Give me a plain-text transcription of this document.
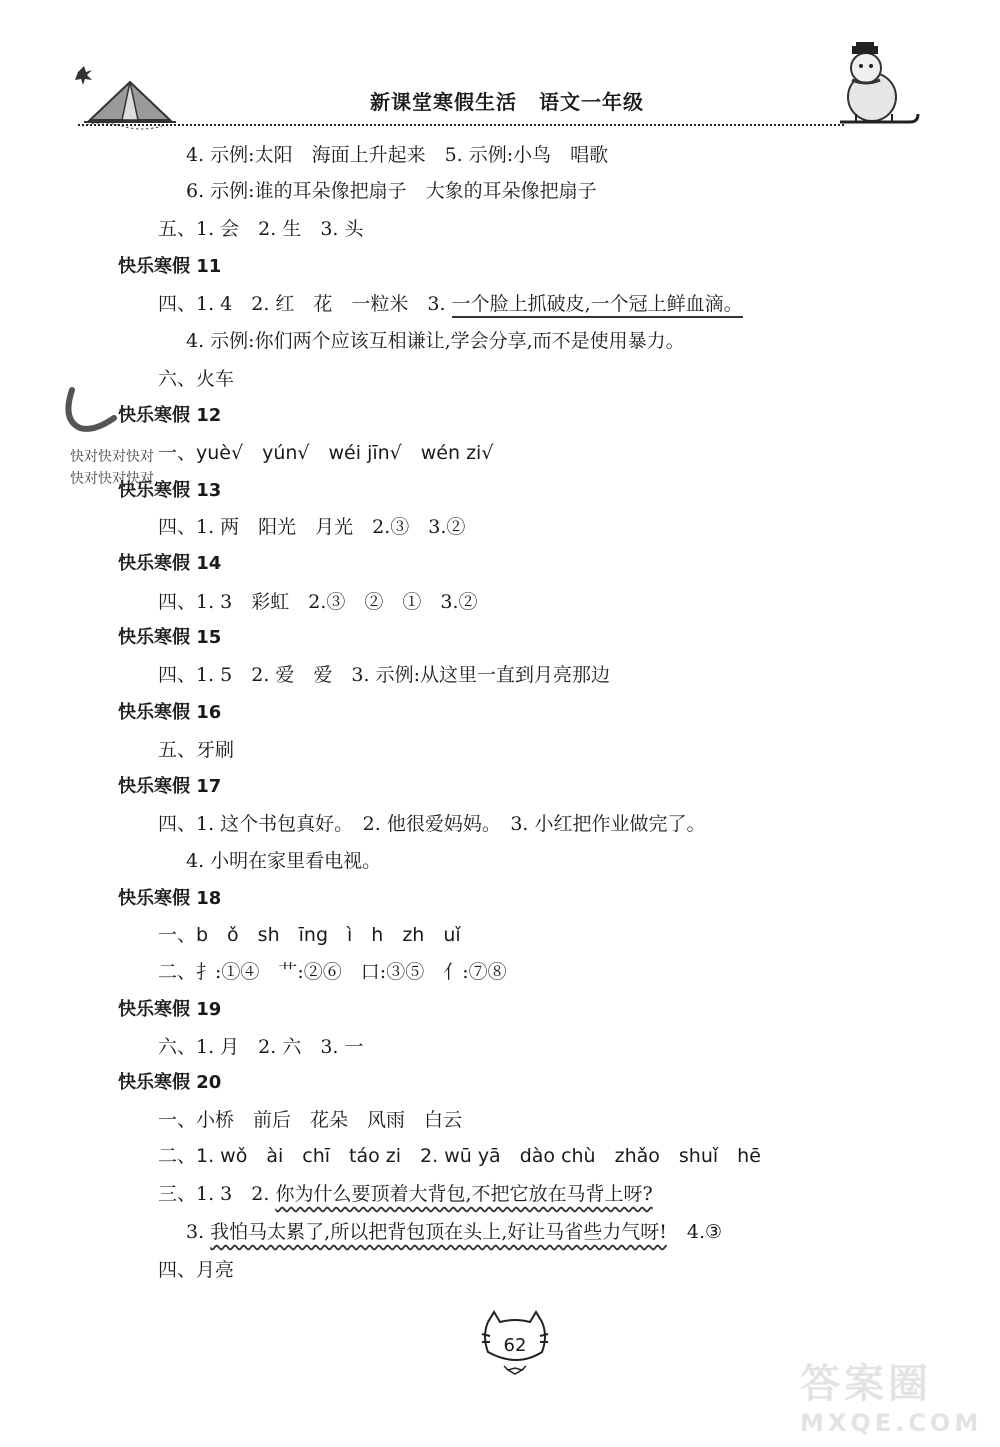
新课堂寒假生活 语文一年级
4. 示例:太阳　海面上升起来　5. 示例:小鸟　唱歌
6. 示例:谁的耳朵像把扇子　大象的耳朵像把扇子
五、1. 会　2. 生　3. 头
快乐寒假 11
四、1. 4　2. 红　花　一粒米　3. 一个脸上抓破皮,一个冠上鲜血滴。
4. 示例:你们两个应该互相谦让,学会分享,而不是使用暴力。
六、火车
快乐寒假 12
一、yuè√　yún√　wéi jīn√　wén zi√
快乐寒假 13
四、1. 两　阳光　月光　2.③　3.②
快乐寒假 14
四、1. 3　彩虹　2.③　②　①　3.②
快乐寒假 15
四、1. 5　2. 爱　爱　3. 示例:从这里一直到月亮那边
快乐寒假 16
五、牙刷
快乐寒假 17
四、1. 这个书包真好。　2. 他很爱妈妈。　3. 小红把作业做完了。
4. 小明在家里看电视。
快乐寒假 18
一、b　ǒ　sh　īng　ì　h　zh　uǐ
二、扌:①④　艹:②⑥　口:③⑤　亻:⑦⑧
快乐寒假 19
六、1. 月　2. 六　3. 一
快乐寒假 20
一、小桥　前后　花朵　风雨　白云
二、1. wǒ　ài　chī　táo zi　2. wū yā　dào chù　zhǎo　shuǐ　hē
三、1. 3　2. 你为什么要顶着大背包,不把它放在马背上呀?
3. 我怕马太累了,所以把背包顶在头上,好让马省些力气呀! 4.③
四、月亮
快对快对快对
快对快对快对
62
答案圈
MXQE.COM
